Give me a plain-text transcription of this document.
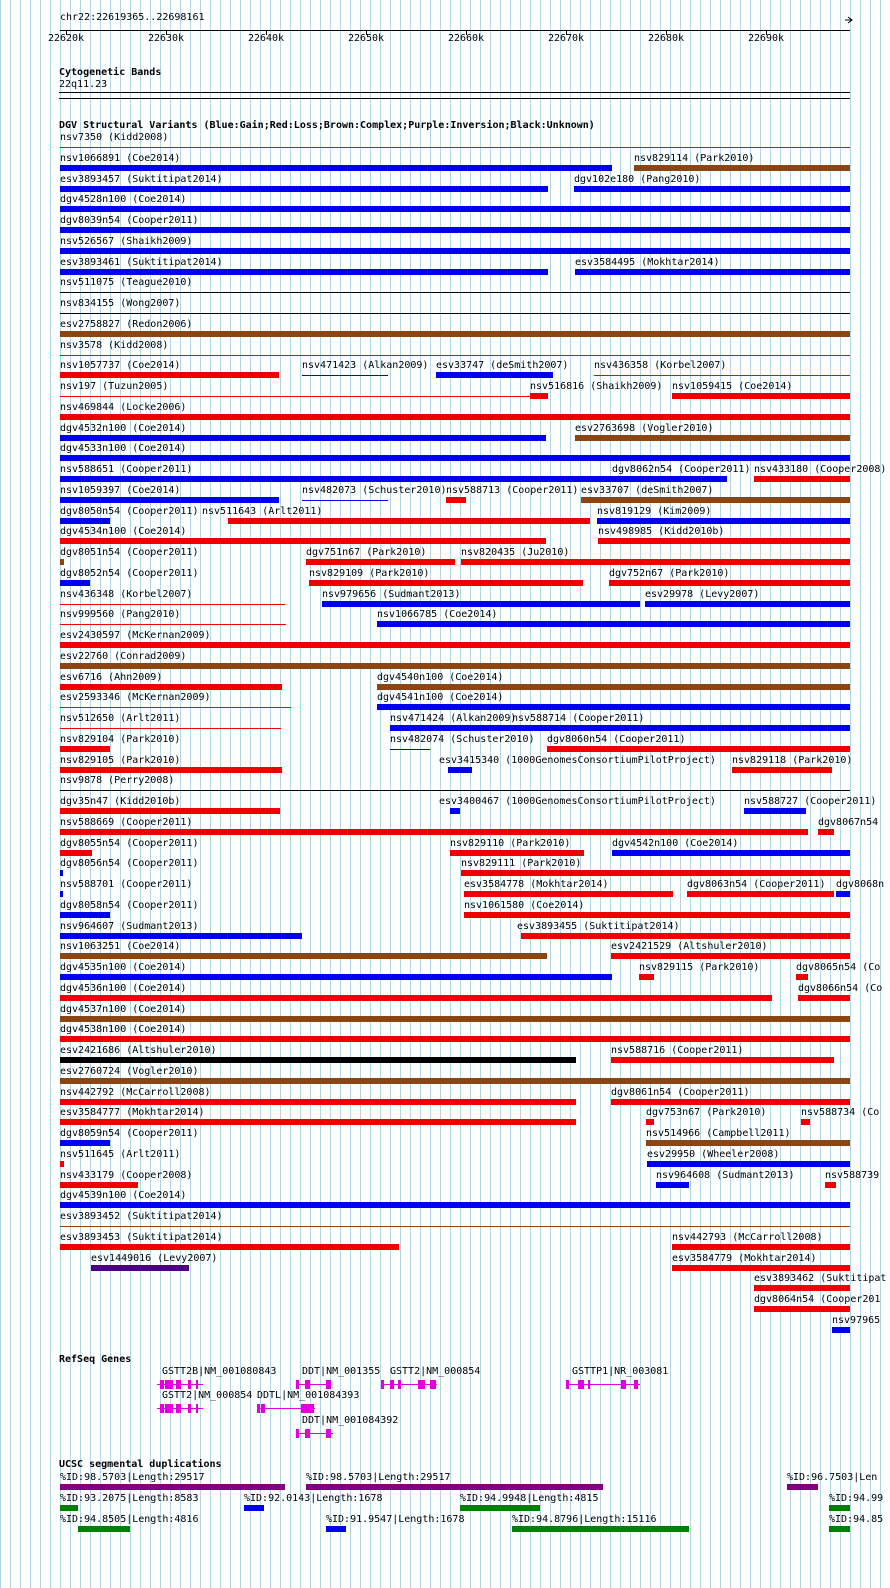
chr22:22619365..22698161
22620k	22630k	22640k	22650k	22660k	22670k	22680k	22690k
Cytogenetic Bands
22q11.23
DGV Structural Variants (Blue:Gain;Red:Loss;Brown:Complex;Purple:Inversion;Black:Unknown)
nsv7350 (Kidd2008)
nsv1066891 (Coe2014)	nsv829114 (Park2010)
esv3893457 (Suktitipat2014)	dgv102e180 (Pang2010)
dgv4528n100 (Coe2014)
dgv8039n54 (Cooper2011)
nsv526567 (Shaikh2009)
esv3893461 (Suktitipat2014)	esv3584495 (Mokhtar2014)
nsv511075 (Teague2010)
nsv834155 (Wong2007)
esv2758827 (Redon2006)
nsv3578 (Kidd2008)
nsv1057737 (Coe2014)	nsv471423 (Alkan2009) esv33747 (deSmith2007)	nsv436358 (Korbel2007)
nsv197 (Tuzun2005)	nsv516816 (Shaikh2009) nsv1059415 (Coe2014)
nsv469844 (Locke2006)
dgv4532n100 (Coe2014)	esv2763698 (Vogler2010)
dgv4533n100 (Coe2014)
nsv588651 (Cooper2011)	dgv8062n54 (Cooper2011) nsv433180 (Cooper2008)
nsv1059397 (Coe2014)	nsv482073 (Schuster2010) nsv588713 (Cooper2011) esv33707 (deSmith2007)
dgv8050n54 (Cooper2011) nsv511643 (Arlt2011)	nsv819129 (Kim2009)
dgv4534n100 (Coe2014)	nsv498985 (Kidd2010b)
dgv8051n54 (Cooper2011)	dgv751n67 (Park2010)	nsv820435 (Ju2010)
dgv8052n54 (Cooper2011)	nsv829109 (Park2010)	dgv752n67 (Park2010)
nsv436348 (Korbel2007)	nsv979656 (Sudmant2013)	esv29978 (Levy2007)
nsv999560 (Pang2010)	nsv1066785 (Coe2014)
esv2430597 (McKernan2009)
esv22760 (Conrad2009)
esv6716 (Ahn2009)	dgv4540n100 (Coe2014)
esv2593346 (McKernan2009)	dgv4541n100 (Coe2014)
nsv512650 (Arlt2011)	nsv471424 (Alkan2009)
nsv588714 (Cooper2011)
nsv829104 (Park2010)	nsv482074 (Schuster2010) dgv8060n54 (Cooper2011)
nsv829105 (Park2010)	esv3415340 (1000GenomesConsortiumPilotProject) nsv829118 (Park2010)
nsv9878 (Perry2008)
dgv35n47 (Kidd2010b)	esv3400467 (1000GenomesConsortiumPilotProject)	nsv588727 (Cooper2011)
nsv588669 (Cooper2011)	dgv8067n54
dgv8055n54 (Cooper2011)	nsv829110 (Park2010)	dgv4542n100 (Coe2014)
dgv8056n54 (Cooper2011)	nsv829111 (Park2010)
nsv588701 (Cooper2011)	esv3584778 (Mokhtar2014)	dgv8063n54 (Cooper2011) dgv8068n
dgv8058n54 (Cooper2011)	nsv1061580 (Coe2014)
nsv964607 (Sudmant2013)	esv3893455 (Suktitipat2014)
nsv1063251 (Coe2014)	esv2421529 (Altshuler2010)
dgv4535n100 (Coe2014)	nsv829115 (Park2010)	dgv8065n54 (Co
dgv4536n100 (Coe2014)	dgv8066n54 (Co
dgv4537n100 (Coe2014)
dgv4538n100 (Coe2014)
esv2421686 (Altshuler2010)	nsv588716 (Cooper2011)
esv2760724 (Vogler2010)
nsv442792 (McCarroll2008)	dgv8061n54 (Cooper2011)
esv3584777 (Mokhtar2014)	dgv753n67 (Park2010)	nsv588734 (Co
dgv8059n54 (Cooper2011)	nsv514966 (Campbell2011)
nsv511645 (Arlt2011)	esv29950 (Wheeler2008)
nsv433179 (Cooper2008)	nsv964608 (Sudmant2013)	nsv588739
dgv4539n100 (Coe2014)
esv3893452 (Suktitipat2014)
esv3893453 (Suktitipat2014)	nsv442793 (McCarroll2008)
esv1449016 (Levy2007)	esv3584779 (Mokhtar2014)
esv3893462 (Suktitipat
dgv8064n54 (Cooper201
nsv97965
RefSeq Genes
GSTT2B|NM_001080843	DDT|NM_001355 GSTT2|NM_000854	GSTTP1|NR_003081
GSTT2|NM_000854 DDTL|NM_001084393
DDT|NM_001084392
UCSC segmental duplications
%ID:98.5703|Length:29517	%ID:98.5703|Length:29517	%ID:96.7503|Len
%ID:93.2075|Length:8583	%ID:92.0143|Length:1678	%ID:94.9948|Length:4815	%ID:94.99
%ID:94.8505|Length:4816	%ID:91.9547|Length:1678	%ID:94.8796|Length:15116	%ID:94.85
